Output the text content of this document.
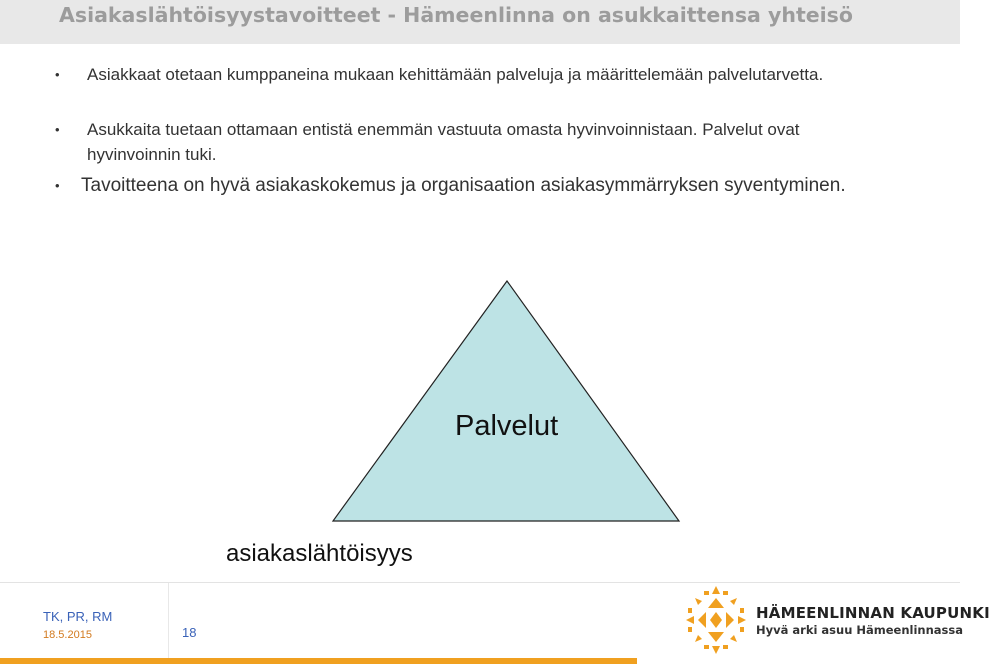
Asiakaslähtöisyystavoitteet - Hämeenlinna on asukkaittensa yhteisö
• Asiakkaat otetaan kumppaneina mukaan kehittämään palveluja ja määrittelemään palvelutarvetta.
• Asukkaita tuetaan ottamaan entistä enemmän vastuuta omasta hyvinvoinnistaan. Palvelut ovat hyvinvoinnin tuki.
• Tavoitteena on hyvä asiakaskokemus ja organisaation asiakasymmärryksen syventyminen.
Palvelut
asiakaslähtöisyys
TK, PR, RM
18.5.2015	18
HÄMEENLINNAN KAUPUNKI
Hyvä arki asuu Hämeenlinnassa
